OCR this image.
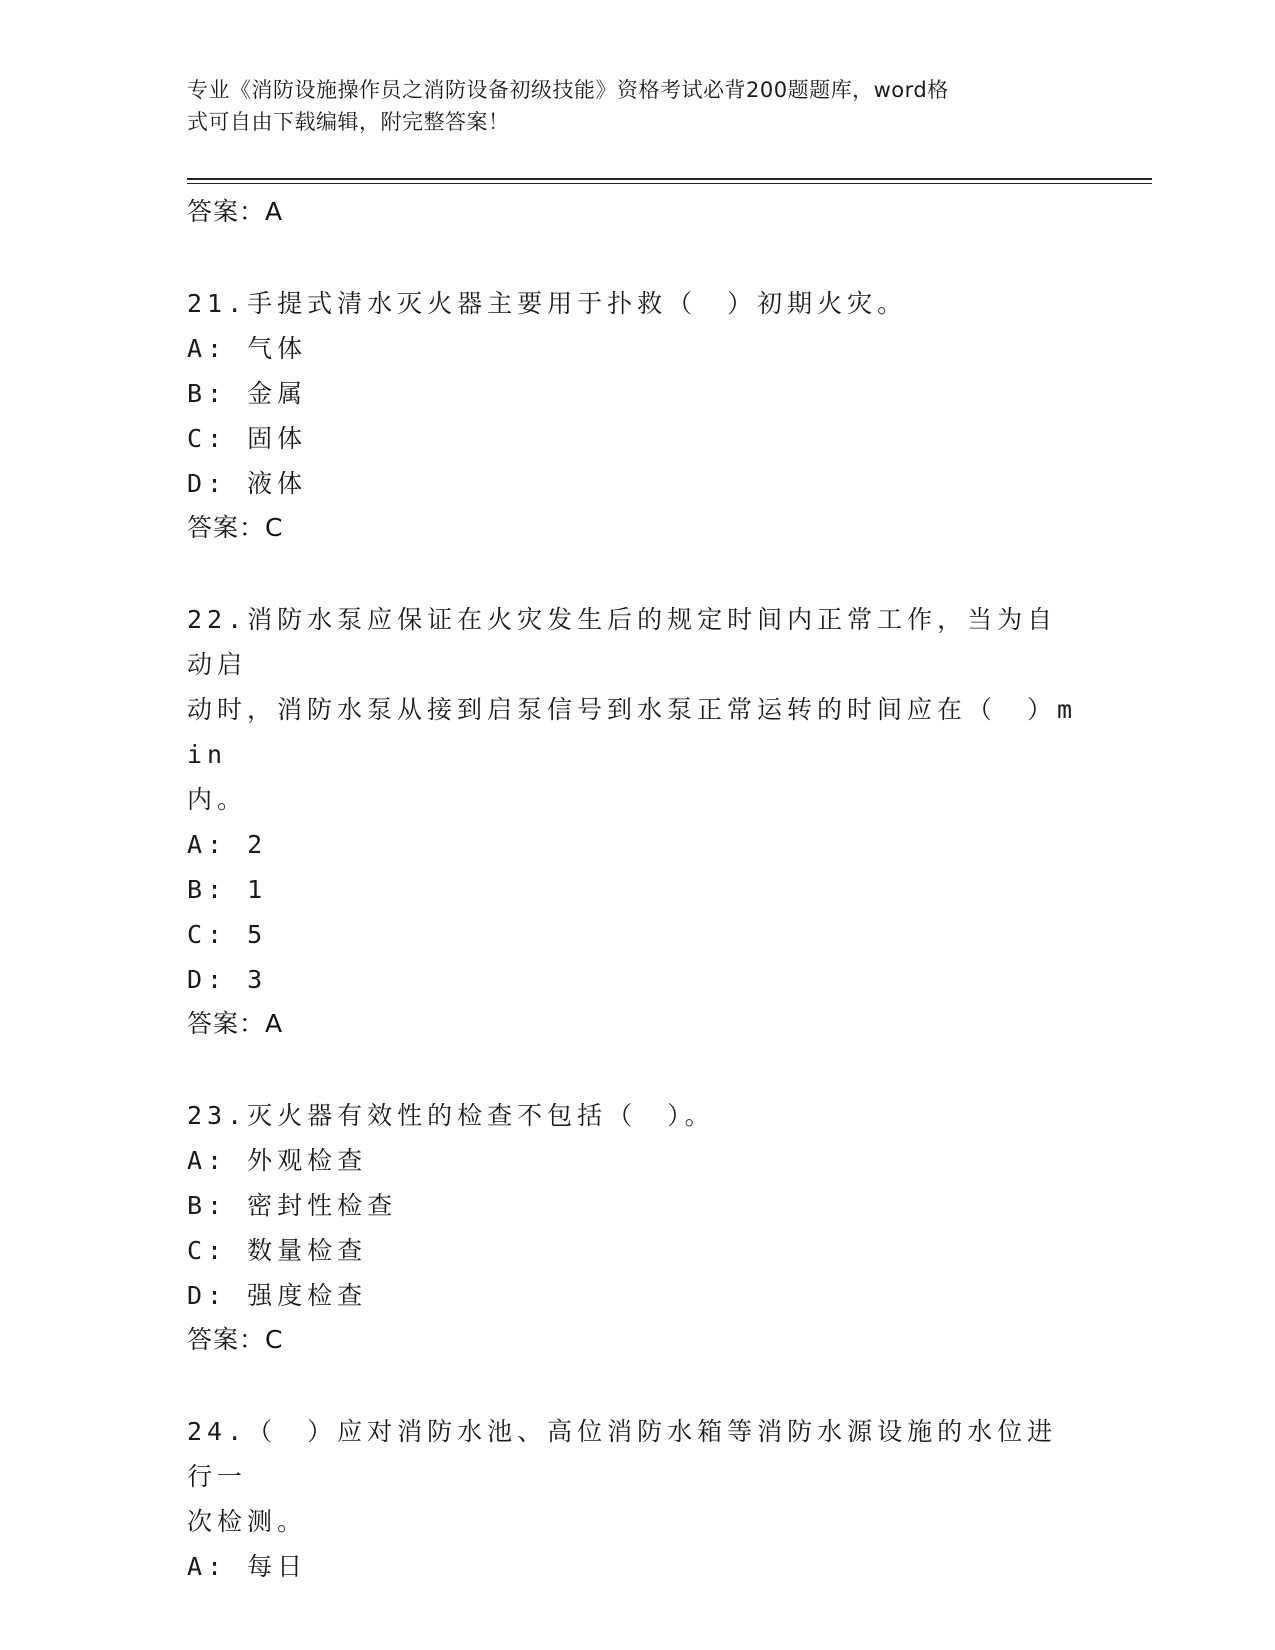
专业《消防设施操作员之消防设备初级技能》资格考试必背200题题库，word格
式可自由下载编辑，附完整答案！
答案：A
21.手提式清水灭火器主要用于扑救（　）初期火灾。
A: 气体
B: 金属
C: 固体
D: 液体
答案：C
22.消防水泵应保证在火灾发生后的规定时间内正常工作，当为自动启
动时，消防水泵从接到启泵信号到水泵正常运转的时间应在（　）min
内。
A: 2
B: 1
C: 5
D: 3
答案：A
23.灭火器有效性的检查不包括（　）。
A: 外观检查
B: 密封性检查
C: 数量检查
D: 强度检查
答案：C
24.（　）应对消防水池、高位消防水箱等消防水源设施的水位进行一
次检测。
A: 每日
